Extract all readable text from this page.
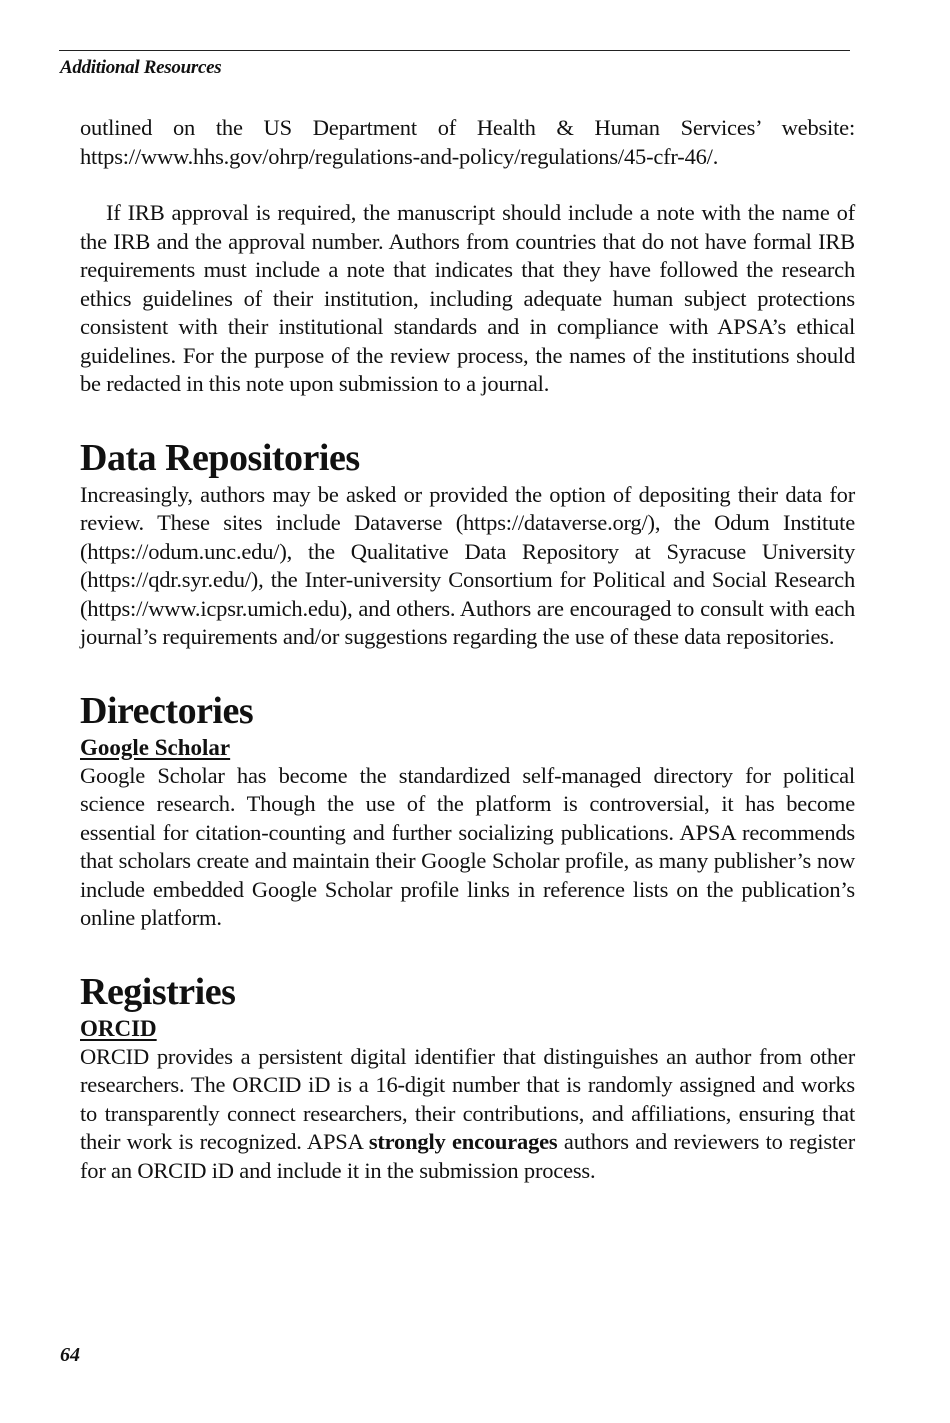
Additional Resources

outlined on the US Department of Health & Human Services’ website: https://www.hhs.gov/ohrp/regulations-and-policy/regulations/45-cfr-46/.

If IRB approval is required, the manuscript should include a note with the name of the IRB and the approval number. Authors from countries that do not have formal IRB requirements must include a note that indicates that they have followed the research ethics guidelines of their institution, including adequate human subject protections consistent with their institutional standards and in compliance with APSA’s ethical guidelines. For the purpose of the review process, the names of the institutions should be redacted in this note upon submission to a journal.

Data Repositories

Increasingly, authors may be asked or provided the option of depositing their data for review. These sites include Dataverse (https://dataverse.org/), the Odum Institute (https://odum.unc.edu/), the Qualitative Data Repository at Syracuse University (https://qdr.syr.edu/), the Inter-university Consortium for Political and Social Research (https://www.icpsr.umich.edu), and others. Authors are encouraged to consult with each journal’s requirements and/or suggestions regarding the use of these data repositories.

Directories
Google Scholar

Google Scholar has become the standardized self-managed directory for political science research. Though the use of the platform is controversial, it has become essential for citation-counting and further socializing publications. APSA recommends that scholars create and maintain their Google Scholar profile, as many publisher’s now include embedded Google Scholar profile links in reference lists on the publication’s online platform.

Registries
ORCID

ORCID provides a persistent digital identifier that distinguishes an author from other researchers. The ORCID iD is a 16-digit number that is randomly assigned and works to transparently connect researchers, their contributions, and affiliations, ensuring that their work is recognized. APSA strongly encourages authors and reviewers to register for an ORCID iD and include it in the submission process.

64
